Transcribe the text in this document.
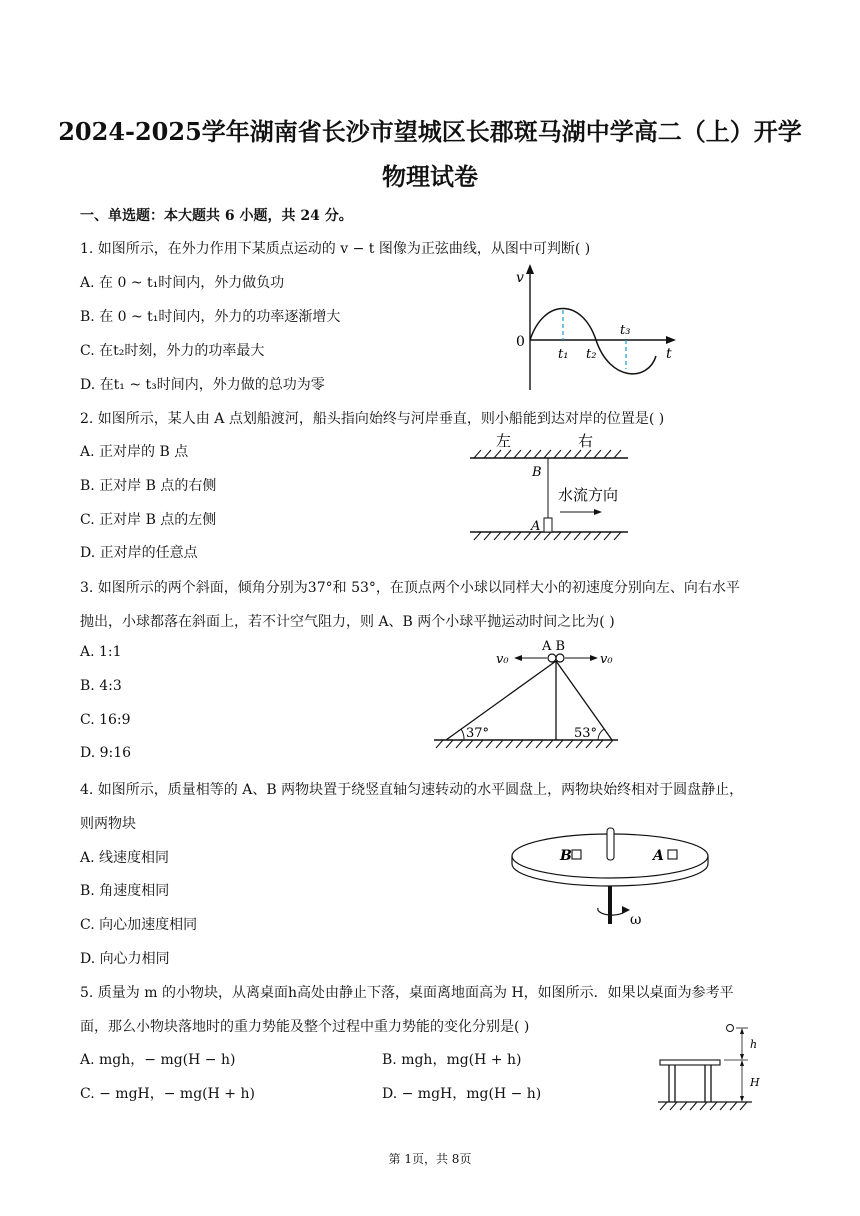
2024-2025学年湖南省长沙市望城区长郡斑马湖中学高二（上）开学
物理试卷
一、单选题：本大题共 6 小题，共 24 分。
1. 如图所示，在外力作用下某质点运动的 v − t 图像为正弦曲线，从图中可判断( )
A. 在 0 ~ t₁时间内，外力做负功
B. 在 0 ~ t₁时间内，外力的功率逐渐增大
C. 在t₂时刻，外力的功率最大
D. 在t₁ ~ t₃时间内，外力做的总功为零
v
0
t
t₁ t₂
t₃
2. 如图所示，某人由 A 点划船渡河，船头指向始终与河岸垂直，则小船能到达对岸的位置是( )
A. 正对岸的 B 点
B. 正对岸 B 点的右侧
C. 正对岸 B 点的左侧
D. 正对岸的任意点
左	右
B
A
水流方向
3. 如图所示的两个斜面，倾角分别为37°和 53°，在顶点两个小球以同样大小的初速度分别向左、向右水平
抛出，小球都落在斜面上，若不计空气阻力，则 A、B 两个小球平抛运动时间之比为( )
A. 1:1
B. 4:3
C. 16:9
D. 9:16
A B
v₀	v₀
37°	53°
4. 如图所示，质量相等的 A、B 两物块置于绕竖直轴匀速转动的水平圆盘上，两物块始终相对于圆盘静止，
则两物块
A. 线速度相同
B. 角速度相同
C. 向心加速度相同
D. 向心力相同
B	A
ω
5. 质量为 m 的小物块，从离桌面h高处由静止下落，桌面离地面高为 H，如图所示．如果以桌面为参考平
面，那么小物块落地时的重力势能及整个过程中重力势能的变化分别是( )
A. mgh，− mg(H − h)	B. mgh，mg(H + h)
C. − mgH，− mg(H + h)	D. − mgH，mg(H − h)
h
H
第 1页，共 8页
